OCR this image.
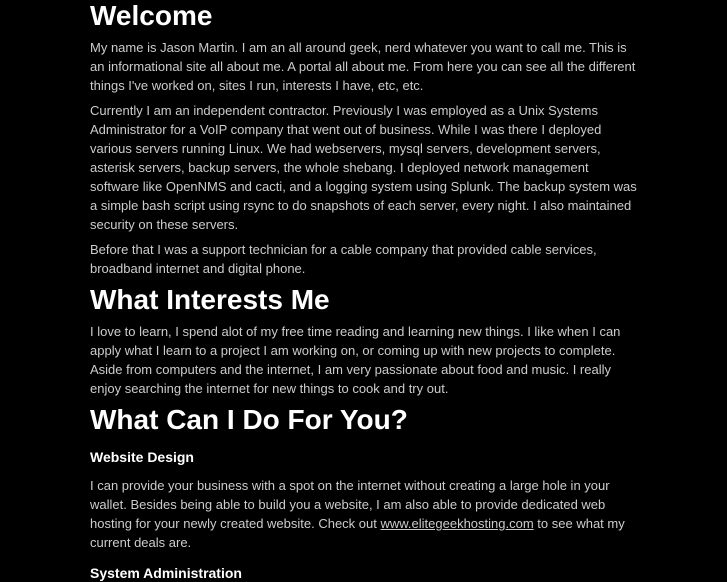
Welcome

My name is Jason Martin. I am an all around geek, nerd whatever you want to call me. This is an informational site all about me. A portal all about me. From here you can see all the different things I've worked on, sites I run, interests I have, etc, etc.

Currently I am an independent contractor. Previously I was employed as a Unix Systems Administrator for a VoIP company that went out of business. While I was there I deployed various servers running Linux. We had webservers, mysql servers, development servers, asterisk servers, backup servers, the whole shebang. I deployed network management software like OpenNMS and cacti, and a logging system using Splunk. The backup system was a simple bash script using rsync to do snapshots of each server, every night. I also maintained security on these servers.

Before that I was a support technician for a cable company that provided cable services, broadband internet and digital phone.

What Interests Me

I love to learn, I spend alot of my free time reading and learning new things. I like when I can apply what I learn to a project I am working on, or coming up with new projects to complete. Aside from computers and the internet, I am very passionate about food and music. I really enjoy searching the internet for new things to cook and try out.

What Can I Do For You?
Website Design

I can provide your business with a spot on the internet without creating a large hole in your wallet. Besides being able to build you a website, I am also able to provide dedicated web hosting for your newly created website. Check out www.elitegeekhosting.com to see what my current deals are.

System Administration
